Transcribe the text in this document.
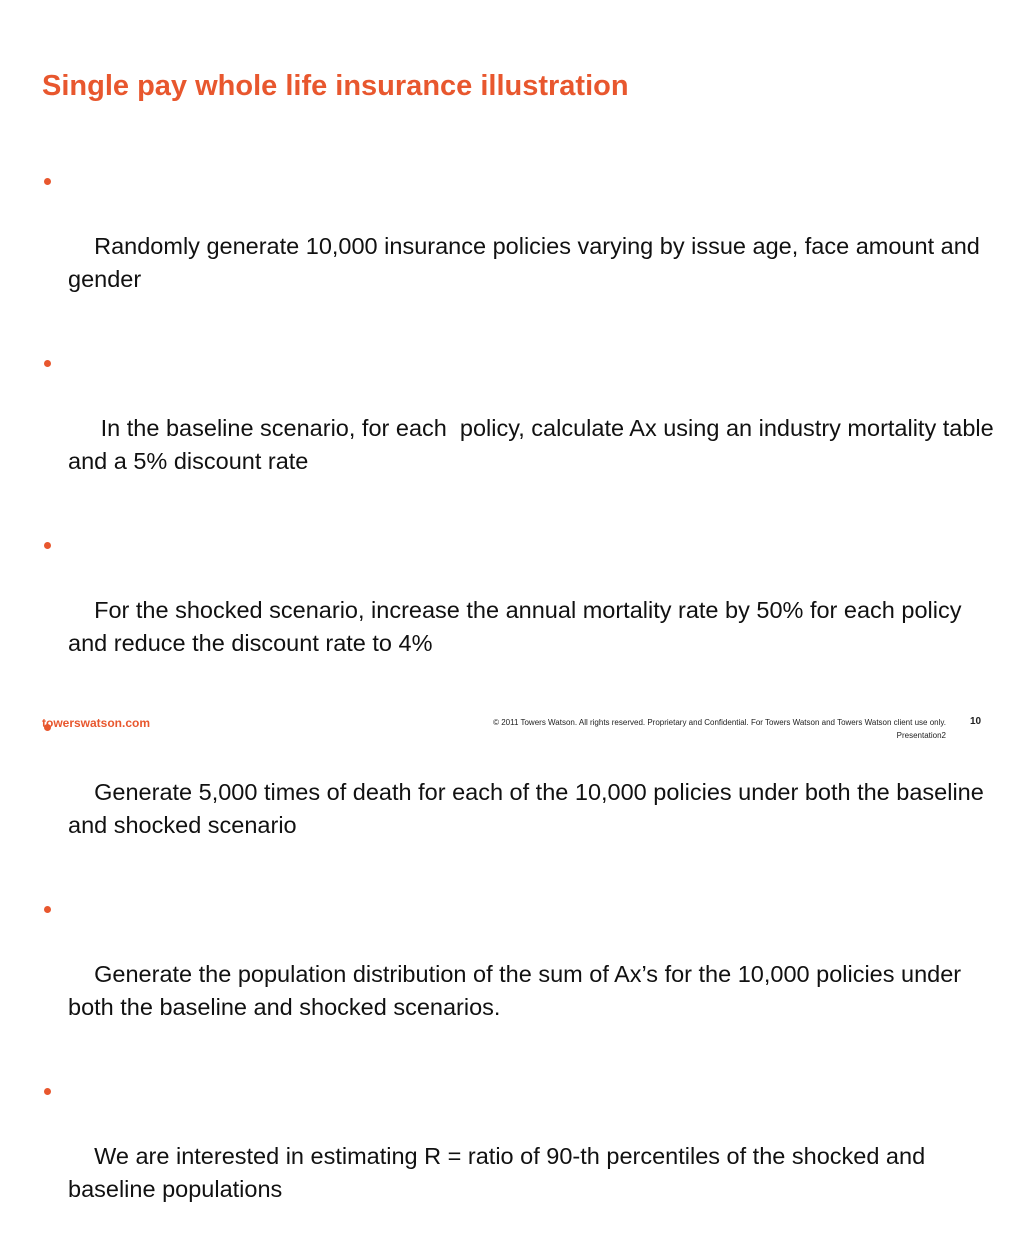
Single pay whole life insurance illustration

Randomly generate 10,000 insurance policies varying by issue age, face amount and  gender

In the baseline scenario, for each  policy, calculate Ax using an industry mortality table and a 5% discount rate

For the shocked scenario, increase the annual mortality rate by 50% for each policy and reduce the discount rate to 4%

Generate 5,000 times of death for each of the 10,000 policies under both the baseline and shocked scenario

Generate the population distribution of the sum of Ax’s for the 10,000 policies under both the baseline and shocked scenarios.

We are interested in estimating R = ratio of 90-th percentiles of the shocked and baseline populations

towerswatson.com	© 2011 Towers Watson. All rights reserved. Proprietary and Confidential. For Towers Watson and Towers Watson client use only. 10
Presentation2
